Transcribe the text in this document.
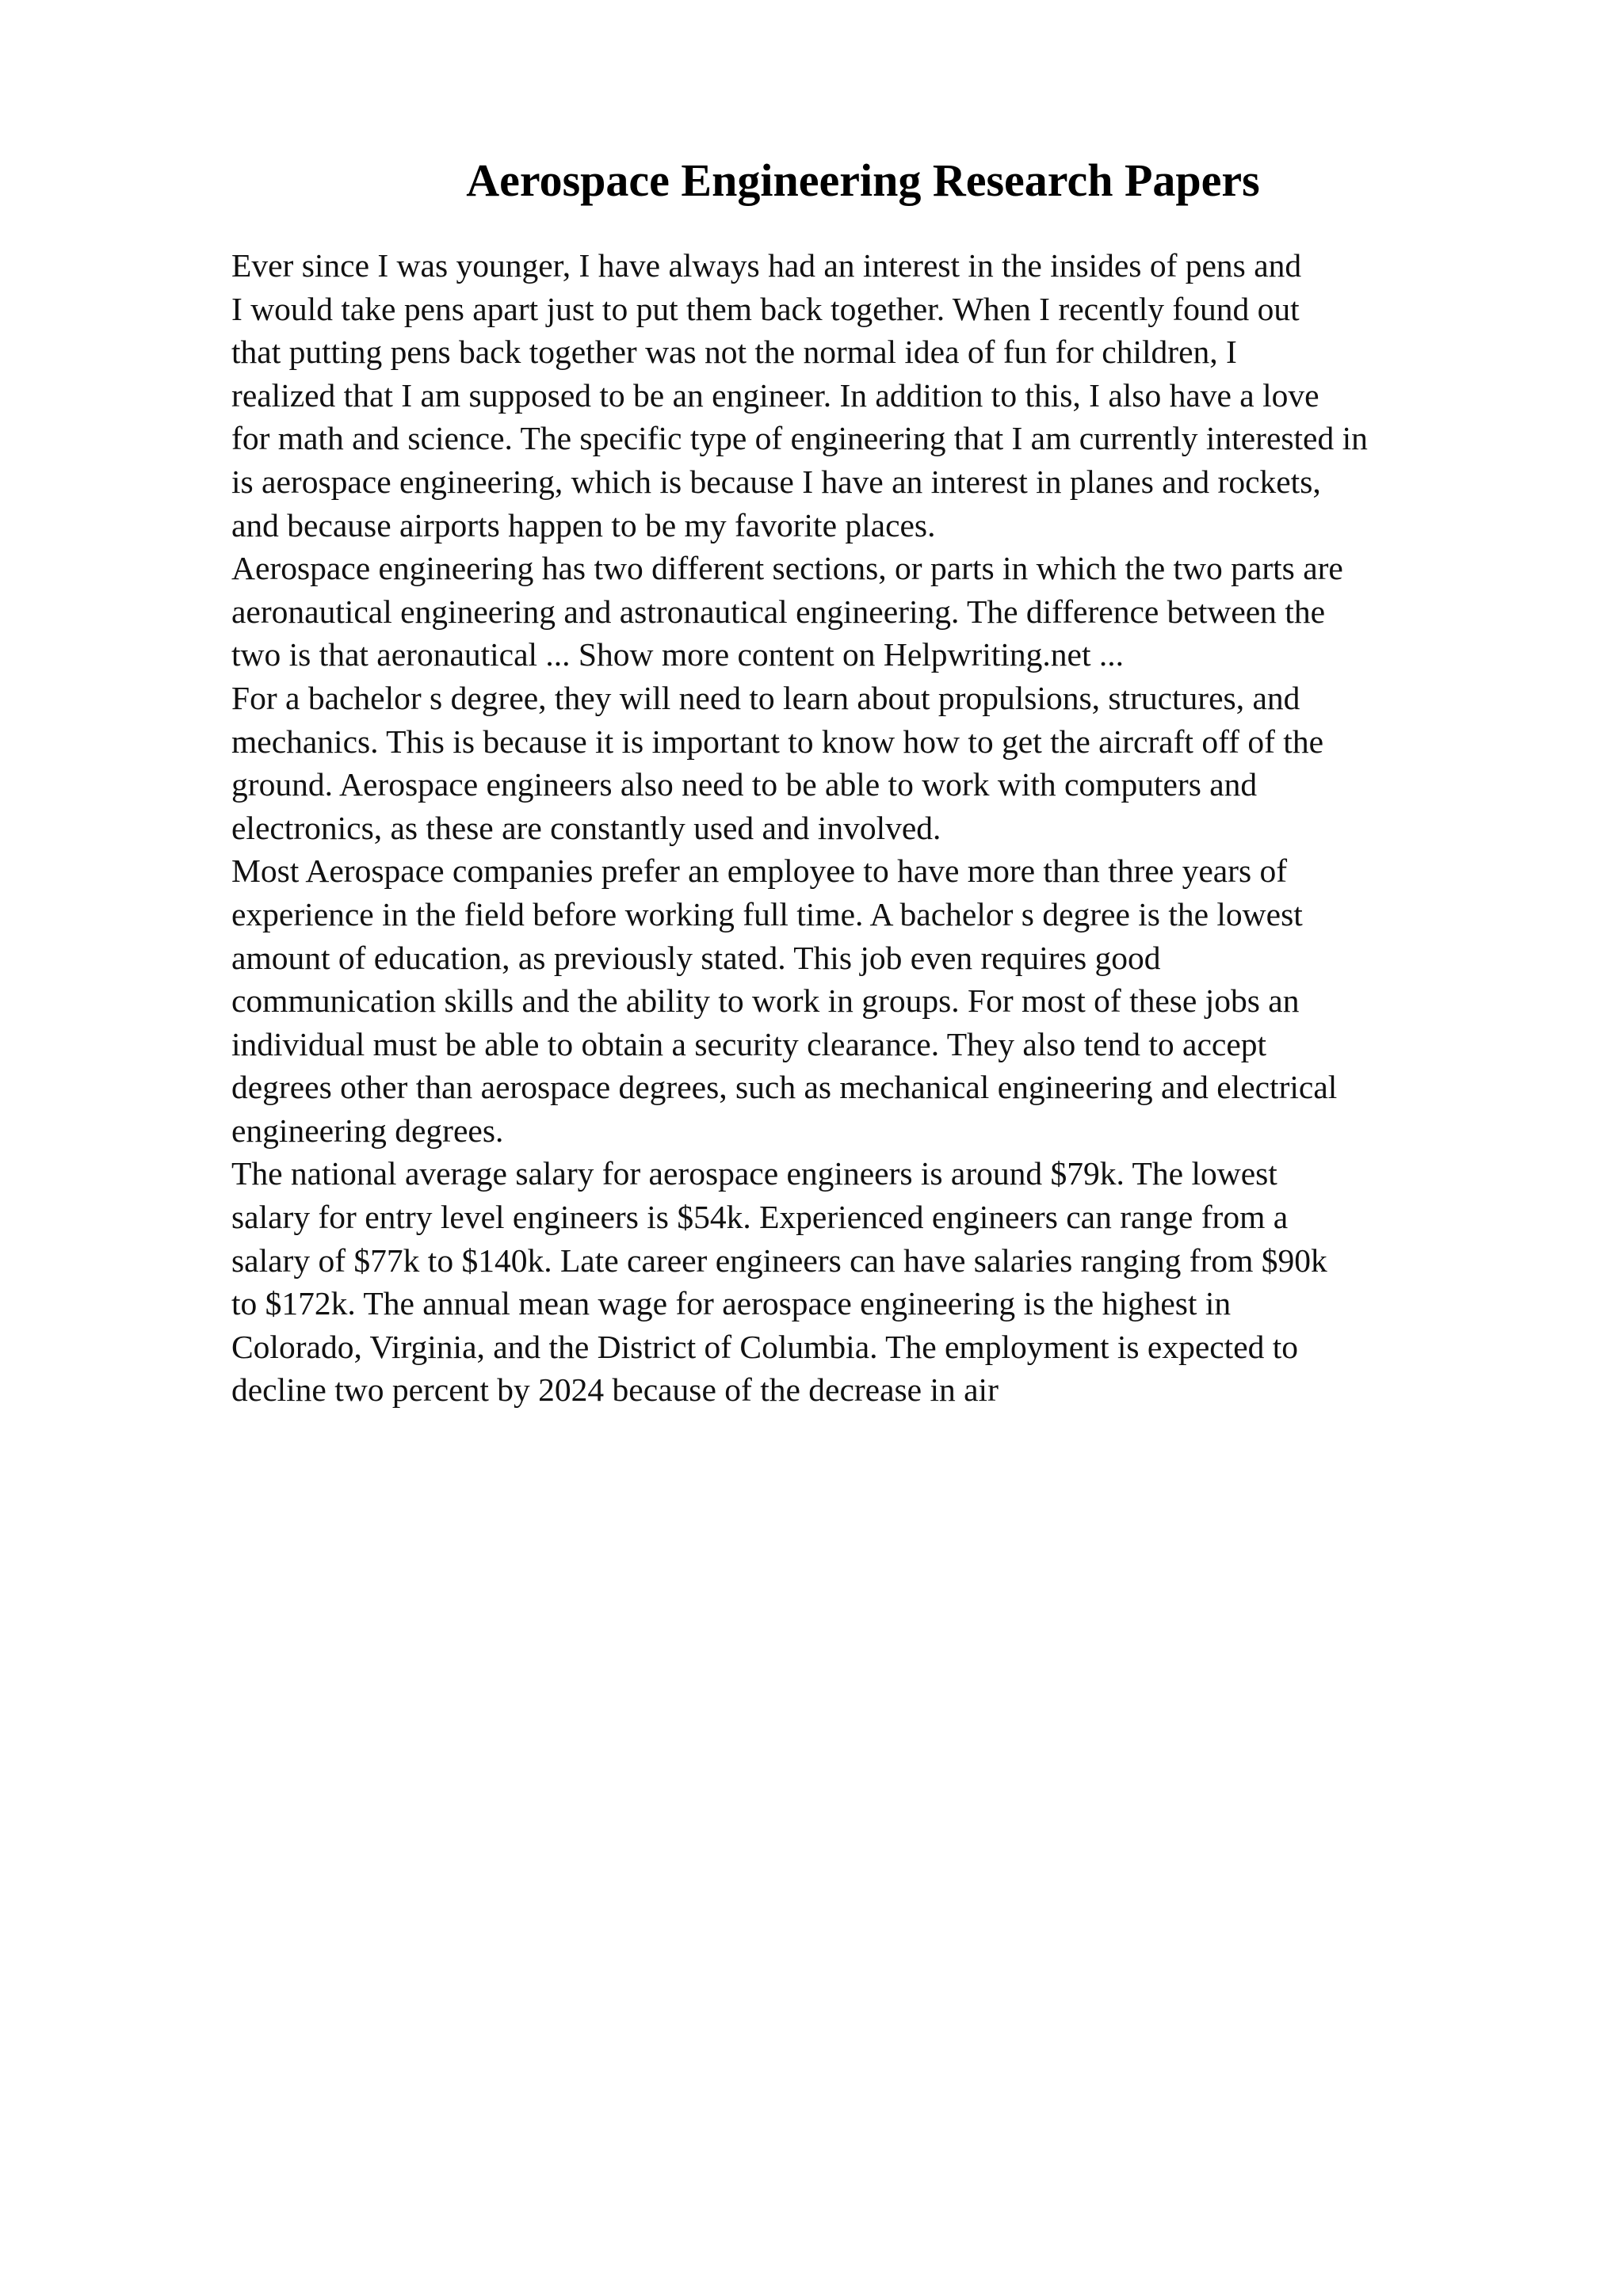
Aerospace Engineering Research Papers
Ever since I was younger, I have always had an interest in the insides of pens and
I would take pens apart just to put them back together. When I recently found out
that putting pens back together was not the normal idea of fun for children, I
realized that I am supposed to be an engineer. In addition to this, I also have a love
for math and science. The specific type of engineering that I am currently interested in
is aerospace engineering, which is because I have an interest in planes and rockets,
and because airports happen to be my favorite places.
Aerospace engineering has two different sections, or parts in which the two parts are
aeronautical engineering and astronautical engineering. The difference between the
two is that aeronautical ... Show more content on Helpwriting.net ...
For a bachelor s degree, they will need to learn about propulsions, structures, and
mechanics. This is because it is important to know how to get the aircraft off of the
ground. Aerospace engineers also need to be able to work with computers and
electronics, as these are constantly used and involved.
Most Aerospace companies prefer an employee to have more than three years of
experience in the field before working full time. A bachelor s degree is the lowest
amount of education, as previously stated. This job even requires good
communication skills and the ability to work in groups. For most of these jobs an
individual must be able to obtain a security clearance. They also tend to accept
degrees other than aerospace degrees, such as mechanical engineering and electrical
engineering degrees.
The national average salary for aerospace engineers is around $79k. The lowest
salary for entry level engineers is $54k. Experienced engineers can range from a
salary of $77k to $140k. Late career engineers can have salaries ranging from $90k
to $172k. The annual mean wage for aerospace engineering is the highest in
Colorado, Virginia, and the District of Columbia. The employment is expected to
decline two percent by 2024 because of the decrease in air
